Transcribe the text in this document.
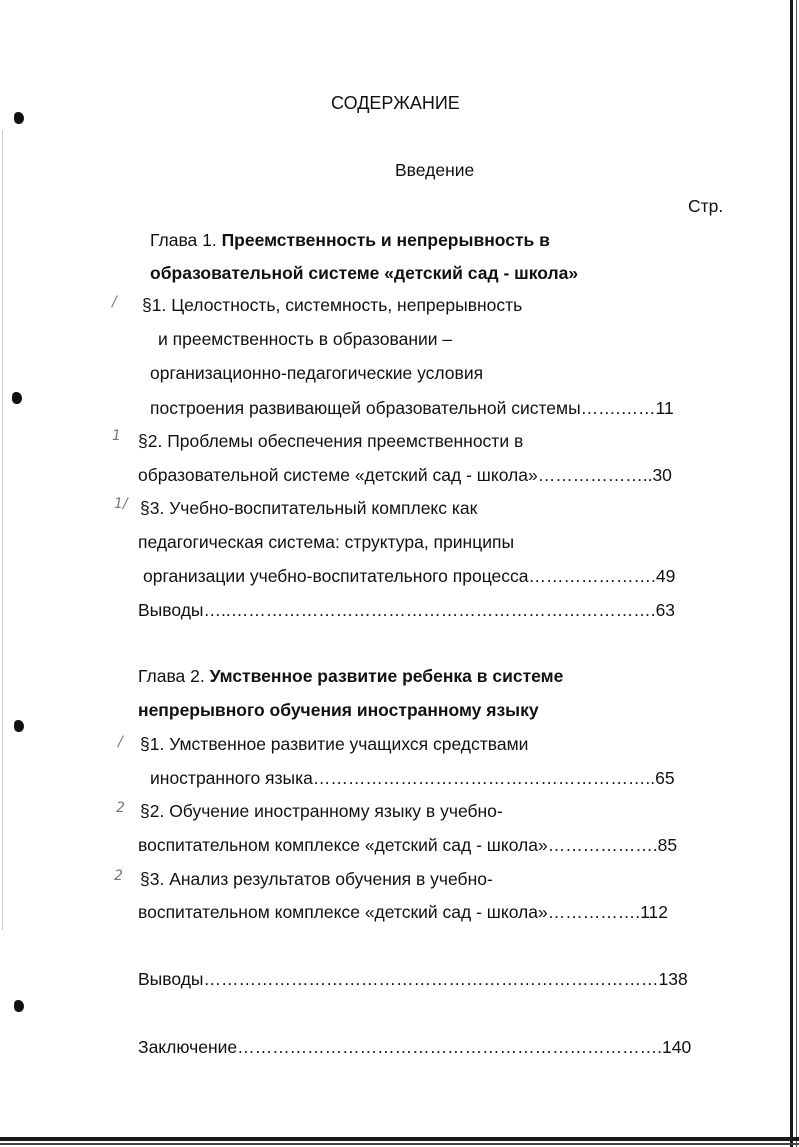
/
1
1/
/
2
2
СОДЕРЖАНИЕ
Введение
Стр.
Глава 1. Преемственность и непрерывность в
образовательной системе «детский сад - школа»
§1. Целостность, системность, непрерывность
и преемственность в образовании –
организационно-педагогические условия
построения развивающей образовательной системы…….……11
§2. Проблемы обеспечения преемственности в
образовательной системе «детский сад - школа»………………..30
§3. Учебно-воспитательный комплекс как
педагогическая система: структура, принципы
организации учебно-воспитательного процесса………………….49
Выводы…..……………………………………………………………….63
Глава 2. Умственное развитие ребенка в системе
непрерывного обучения иностранному языку
§1. Умственное развитие учащихся средствами
иностранного языка…………………………………………………..65
§2. Обучение иностранному языку в учебно-
воспитательном комплексе «детский сад - школа»……………….85
§3. Анализ результатов обучения в учебно-
воспитательном комплексе «детский сад - школа»…………….112
Выводы……………………………………………………………………138
Заключение……………………………………………………………….140
